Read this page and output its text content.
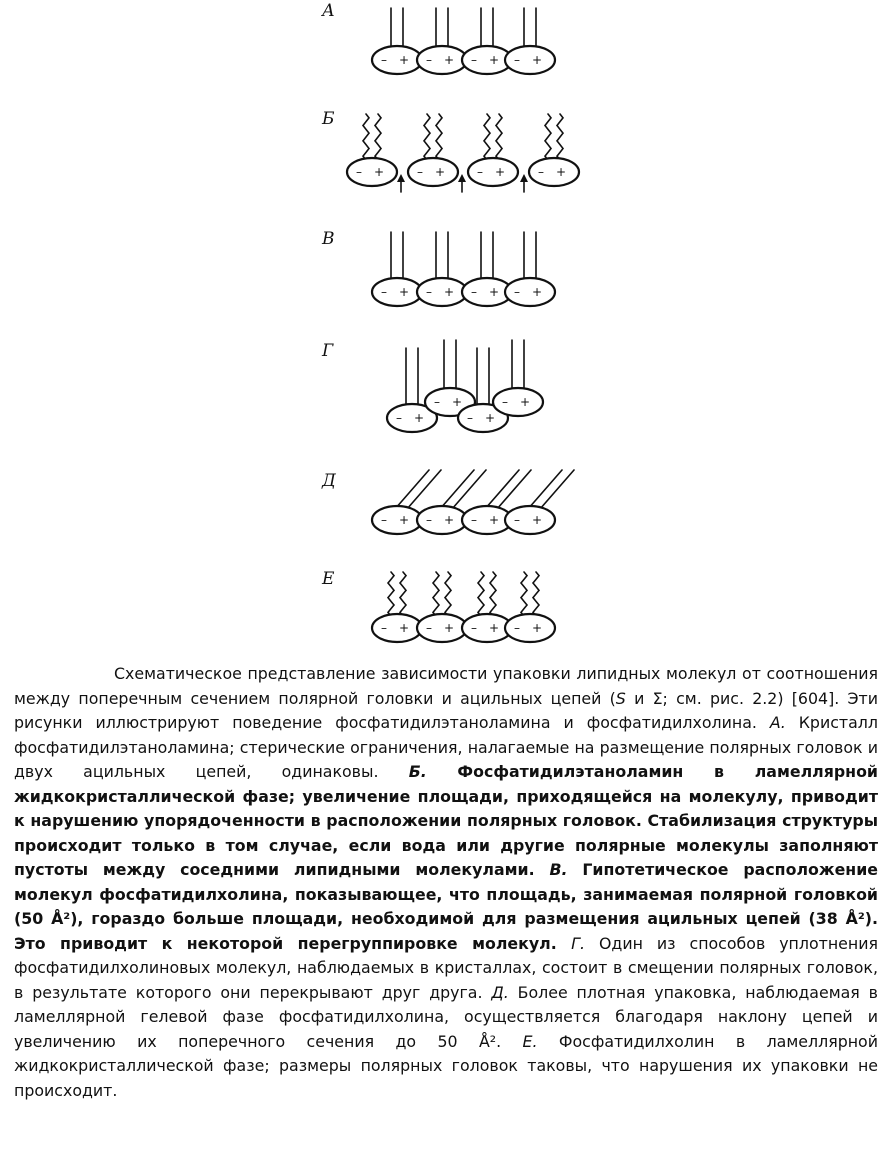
А
– + – + – + – +
Б
– +	– +	– +	– +
В
– + – + – + – +
Г
– +
– +
– +
– +
Д
– + – + – + – +
Е
– + – + – + – +

Схематическое представление зависимости упаковки липидных молекул от соотношения между поперечным сечением полярной головки и ацильных цепей (S и Σ; см. рис. 2.2) [604]. Эти рисунки иллюстрируют поведение фосфатидилэтаноламина и фосфатидилхолина. А. Кристалл фосфатидилэтаноламина; стерические ограничения, налагаемые на размещение полярных головок и двух ацильных цепей, одинаковы. Б. Фосфатидилэтаноламин в ламеллярной жидкокристаллической фазе; увеличение площади, приходящейся на молекулу, приводит к нарушению упорядоченности в расположении полярных головок. Стабилизация структуры происходит только в том случае, если вода или другие полярные молекулы заполняют пустоты между соседними липидными молекулами. В. Гипотетическое расположение молекул фосфатидилхолина, показывающее, что площадь, занимаемая полярной головкой (50 Å²), гораздо больше площади, необходимой для размещения ацильных цепей (38 Å²). Это приводит к некоторой перегруппировке молекул. Г. Один из способов уплотнения фосфатидилхолиновых молекул, наблюдаемых в кристаллах, состоит в смещении полярных головок, в результате которого они перекрывают друг друга. Д. Более плотная упаковка, наблюдаемая в ламеллярной гелевой фазе фосфатидилхолина, осуществляется благодаря наклону цепей и увеличению их поперечного сечения до 50 Å². Е. Фосфатидилхолин в ламеллярной жидкокристаллической фазе; размеры полярных головок таковы, что нарушения их упаковки не происходит.
